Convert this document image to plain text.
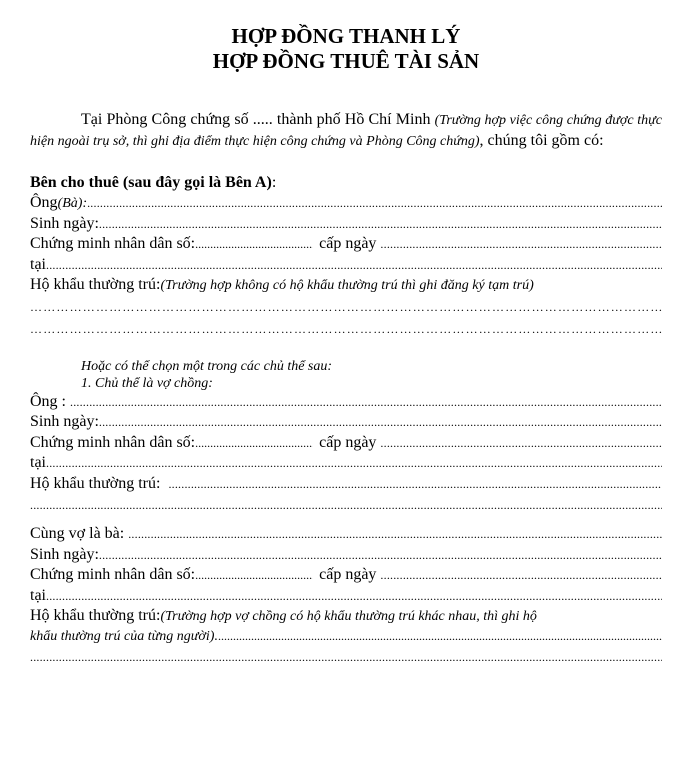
HỢP ĐỒNG THANH LÝ
HỢP ĐỒNG THUÊ TÀI SẢN
Tại Phòng Công chứng số ..... thành phố Hồ Chí Minh (Trường hợp việc công chứng được thực hiện ngoài trụ sở, thì ghi địa điểm thực hiện công chứng và Phòng Công chứng), chúng tôi gồm có:
Bên cho thuê (sau đây gọi là Bên A):
Ông (Bà):
.....
Sinh ngày:
.....
Chứng minh nhân dân số: .....	cấp ngày
.....
tại
.....
Hộ khẩu thường trú: (Trường hợp không có hộ khẩu thường trú thì ghi đăng ký tạm trú)
…………………………………………………………………………………………………………………………………………………………………………
…………………………………………………………………………………………………………………………………………………………………………
Hoặc có thể chọn một trong các chủ thể sau:
1. Chủ thể là vợ chồng:
Ông :

.....
Sinh ngày:
.....
Chứng minh nhân dân số: .....	cấp ngày
.....
tại
.....
Hộ khẩu thường trú:

.....
.....
Cùng vợ là bà:

.....
Sinh ngày:
.....
Chứng minh nhân dân số: .....	cấp ngày
.....
tại
.....
Hộ khẩu thường trú: (Trường hợp vợ chồng có hộ khẩu thường trú khác nhau, thì ghi hộ
khẩu thường trú của từng người).
.....
.....
